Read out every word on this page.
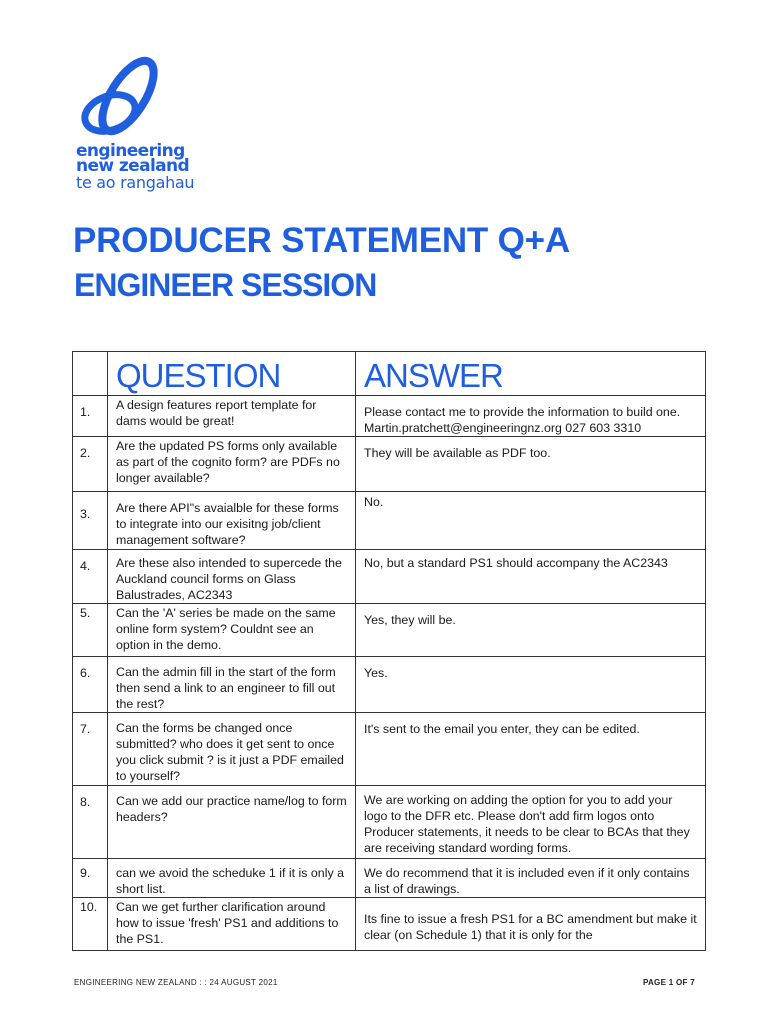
engineering
new zealand
te ao rangahau
PRODUCER STATEMENT Q+A
ENGINEER SESSION
	QUESTION	ANSWER
1.	A design features report template for dams would be great!	Please contact me to provide the information to build one. Martin.pratchett@engineeringnz.org 027 603 3310
2.	Are the updated PS forms only available as part of the cognito form? are PDFs no longer available?	They will be available as PDF too.
3.	Are there API"s avaialble for these forms to integrate into our exisitng job/client management software?	No.
4.	Are these also intended to supercede the Auckland council forms on Glass Balustrades, AC2343	No, but a standard PS1 should accompany the AC2343
5.	Can the 'A' series be made on the same online form system? Couldnt see an option in the demo.	Yes, they will be.
6.	Can the admin fill in the start of the form then send a link to an engineer to fill out the rest?	Yes.
7.	Can the forms be changed once submitted? who does it get sent to once you click submit ? is it just a PDF emailed to yourself?	It's sent to the email you enter, they can be edited.
8.	Can we add our practice name/log to form headers?	We are working on adding the option for you to add your logo to the DFR etc. Please don't add firm logos onto Producer statements, it needs to be clear to BCAs that they are receiving standard wording forms.
9.	can we avoid the scheduke 1 if it is only a short list.	We do recommend that it is included even if it only contains a list of drawings.
10.	Can we get further clarification around how to issue 'fresh' PS1 and additions to the PS1.	Its fine to issue a fresh PS1 for a BC amendment but make it clear (on Schedule 1) that it is only for the
ENGINEERING NEW ZEALAND : : 24 AUGUST 2021	PAGE 1 OF 7
